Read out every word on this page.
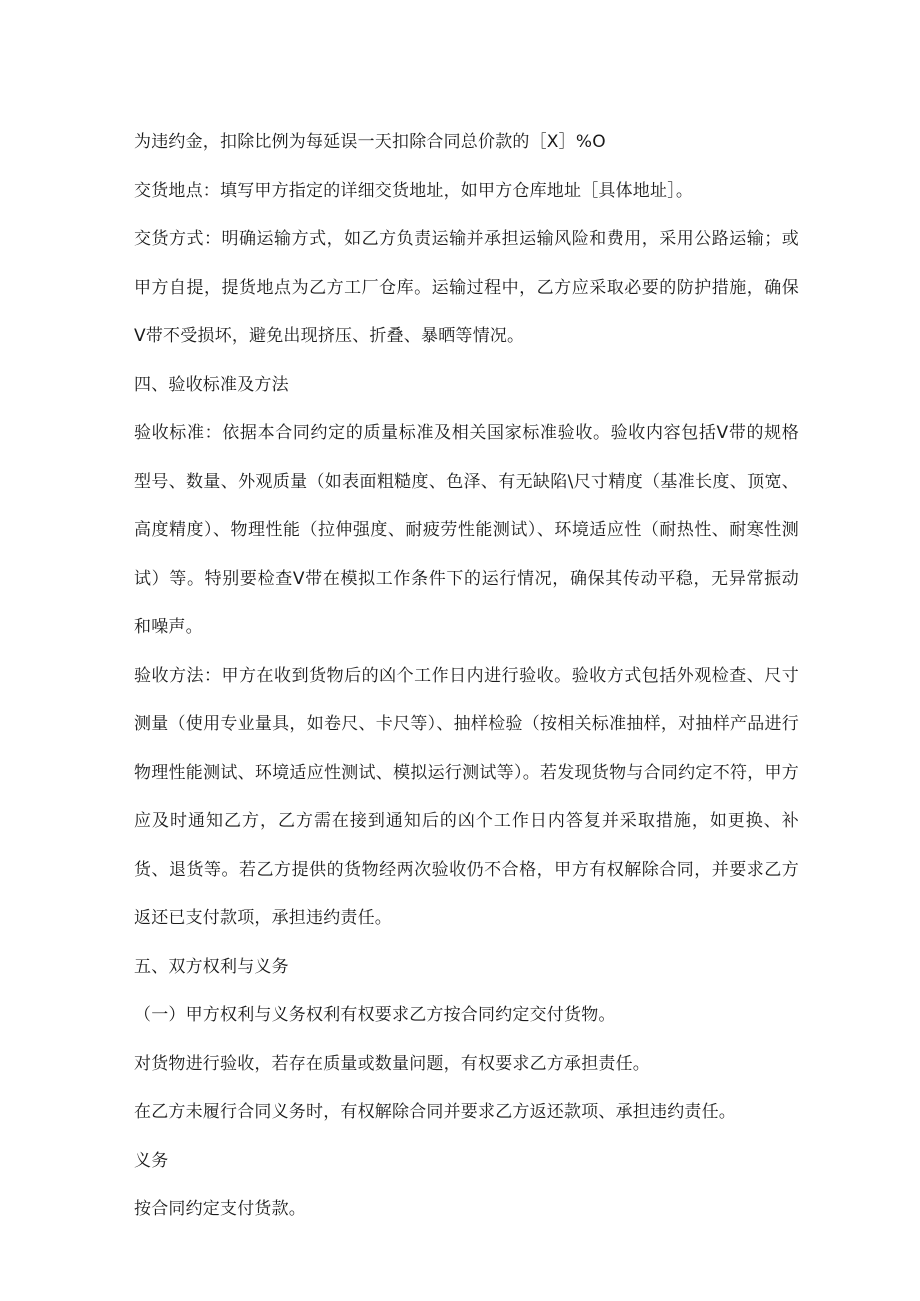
为违约金，扣除比例为每延误一天扣除合同总价款的［X］%O

交货地点：填写甲方指定的详细交货地址，如甲方仓库地址［具体地址］。

交货方式：明确运输方式，如乙方负责运输并承担运输风险和费用，采用公路运输；或甲方自提，提货地点为乙方工厂仓库。运输过程中，乙方应采取必要的防护措施，确保V带不受损坏，避免出现挤压、折叠、暴晒等情况。

四、验收标准及方法

验收标准：依据本合同约定的质量标准及相关国家标准验收。验收内容包括V带的规格型号、数量、外观质量（如表面粗糙度、色泽、有无缺陷\尺寸精度（基准长度、顶宽、高度精度）、物理性能（拉伸强度、耐疲劳性能测试）、环境适应性（耐热性、耐寒性测试）等。特别要检查V带在模拟工作条件下的运行情况，确保其传动平稳，无异常振动和噪声。

验收方法：甲方在收到货物后的凶个工作日内进行验收。验收方式包括外观检查、尺寸测量（使用专业量具，如卷尺、卡尺等）、抽样检验（按相关标准抽样，对抽样产品进行物理性能测试、环境适应性测试、模拟运行测试等）。若发现货物与合同约定不符，甲方应及时通知乙方，乙方需在接到通知后的凶个工作日内答复并采取措施，如更换、补货、退货等。若乙方提供的货物经两次验收仍不合格，甲方有权解除合同，并要求乙方返还已支付款项，承担违约责任。

五、双方权利与义务

（一）甲方权利与义务权利有权要求乙方按合同约定交付货物。

对货物进行验收，若存在质量或数量问题，有权要求乙方承担责任。

在乙方未履行合同义务时，有权解除合同并要求乙方返还款项、承担违约责任。

义务

按合同约定支付货款。
